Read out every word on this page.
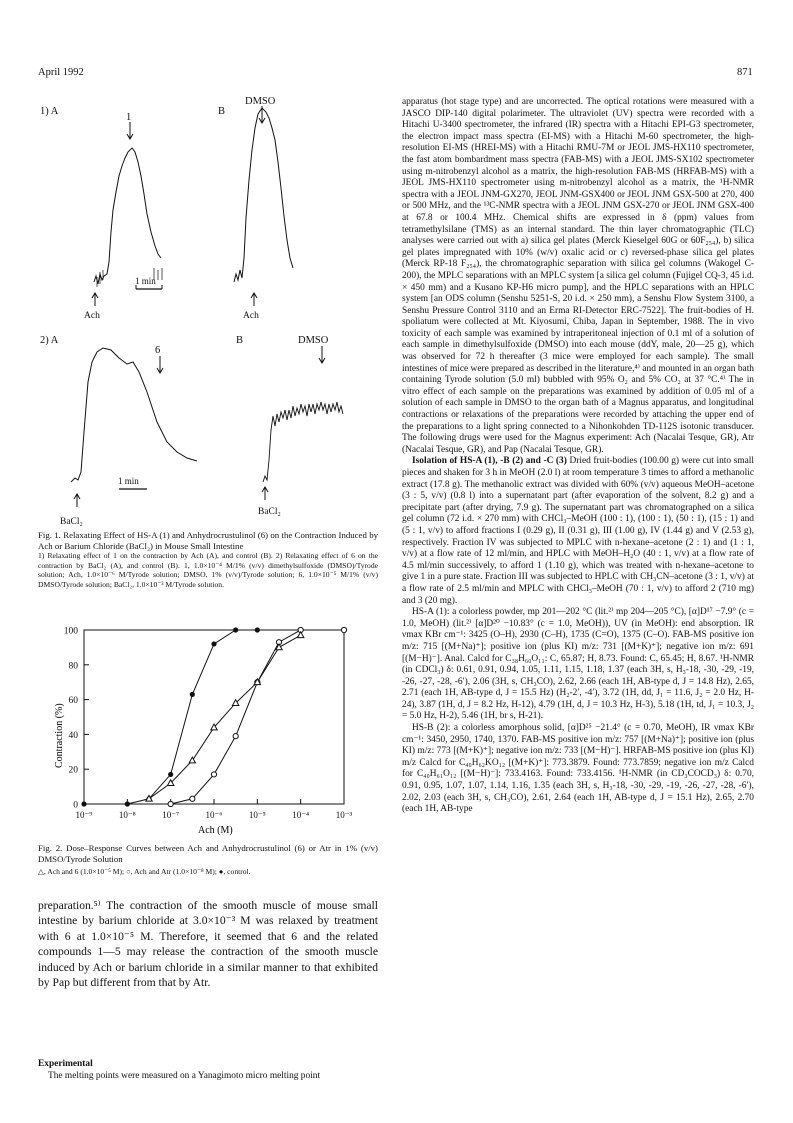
April 1992	871
1) A	B
DMSO
1
1 min
Ach	Ach
2) A	B	DMSO
6
1 min
BaCl₂
BaCl₂

Fig. 1. Relaxating Effect of HS-A (1) and Anhydrocrustulinol (6) on the Contraction Induced by Ach or Barium Chloride (BaCl₂) in Mouse Small Intestine

1) Relaxating effect of 1 on the contraction by Ach (A), and control (B). 2) Relaxating effect of 6 on the contraction by BaCl₂ (A), and control (B). 1, 1.0×10⁻⁴ M/1% (v/v) dimethylsulfoxide (DMSO)/Tyrode solution; Ach, 1.0×10⁻⁶ M/Tyrode solution; DMSO, 1% (v/v)/Tyrode solution; 6, 1.0×10⁻⁵ M/1% (v/v) DMSO/Tyrode solution; BaCl₂, 1.0×10⁻³ M/Tyrode solution.

Contraction (%)
Ach (M)
0
20
40
60
80
100
10⁻⁹	10⁻⁸	10⁻⁷	10⁻⁶	10⁻⁵	10⁻⁴	10⁻³

Fig. 2. Dose–Response Curves between Ach and Anhydrocrustulinol (6) or Atr in 1% (v/v) DMSO/Tyrode Solution

△, Ach and 6 (1.0×10⁻⁵ M); ○, Ach and Atr (1.0×10⁻⁸ M); ●, control.

preparation.⁵⁾ The contraction of the smooth muscle of mouse small intestine by barium chloride at 3.0×10⁻³ M was relaxed by treatment with 6 at 1.0×10⁻⁵ M. Therefore, it seemed that 6 and the related compounds 1—5 may release the contraction of the smooth muscle induced by Ach or barium chloride in a similar manner to that exhibited by Pap but different from that by Atr.

Experimental

The melting points were measured on a Yanagimoto micro melting point

apparatus (hot stage type) and are uncorrected. The optical rotations were measured with a JASCO DIP-140 digital polarimeter. The ultraviolet (UV) spectra were recorded with a Hitachi U-3400 spectrometer, the infrared (IR) spectra with a Hitachi EPI-G3 spectrometer, the electron impact mass spectra (EI-MS) with a Hitachi M-60 spectrometer, the high-resolution EI-MS (HREI-MS) with a Hitachi RMU-7M or JEOL JMS-HX110 spectrometer, the fast atom bombardment mass spectra (FAB-MS) with a JEOL JMS-SX102 spectrometer using m-nitrobenzyl alcohol as a matrix, the high-resolution FAB-MS (HRFAB-MS) with a JEOL JMS-HX110 spectrometer using m-nitrobenzyl alcohol as a matrix, the ¹H-NMR spectra with a JEOL JNM-GX270, JEOL JNM-GSX400 or JEOL JNM GSX-500 at 270, 400 or 500 MHz, and the ¹³C-NMR spectra with a JEOL JNM GSX-270 or JEOL JNM GSX-400 at 67.8 or 100.4 MHz. Chemical shifts are expressed in δ (ppm) values from tetramethylsilane (TMS) as an internal standard. The thin layer chromatographic (TLC) analyses were carried out with a) silica gel plates (Merck Kieselgel 60G or 60F₂₅₄), b) silica gel plates impregnated with 10% (w/v) oxalic acid or c) reversed-phase silica gel plates (Merck RP-18 F₂₅₄), the chromatographic separation with silica gel columns (Wakogel C-200), the MPLC separations with an MPLC system [a silica gel column (Fujigel CQ-3, 45 i.d. × 450 mm) and a Kusano KP-H6 micro pump], and the HPLC separations with an HPLC system [an ODS column (Senshu 5251-S, 20 i.d. × 250 mm), a Senshu Flow System 3100, a Senshu Pressure Control 3110 and an Erma RI-Detector ERC-7522]. The fruit-bodies of H. spoliatum were collected at Mt. Kiyosumi, Chiba, Japan in September, 1988. The in vivo toxicity of each sample was examined by intraperitoneal injection of 0.1 ml of a solution of each sample in dimethylsulfoxide (DMSO) into each mouse (ddY, male, 20—25 g), which was observed for 72 h thereafter (3 mice were employed for each sample). The small intestines of mice were prepared as described in the literature,⁴⁾ and mounted in an organ bath containing Tyrode solution (5.0 ml) bubbled with 95% O₂ and 5% CO₂ at 37 °C.⁴⁾ The in vitro effect of each sample on the preparations was examined by addition of 0.05 ml of a solution of each sample in DMSO to the organ bath of a Magnus apparatus, and longitudinal contractions or relaxations of the preparations were recorded by attaching the upper end of the preparations to a light spring connected to a Nihonkohden TD-112S isotonic transducer. The following drugs were used for the Magnus experiment: Ach (Nacalai Tesque, GR), Atr (Nacalai Tesque, GR), and Pap (Nacalai Tesque, GR).

Isolation of HS-A (1), -B (2) and -C (3) Dried fruit-bodies (100.00 g) were cut into small pieces and shaken for 3 h in MeOH (2.0 l) at room temperature 3 times to afford a methanolic extract (17.8 g). The methanolic extract was divided with 60% (v/v) aqueous MeOH–acetone (3 : 5, v/v) (0.8 l) into a supernatant part (after evaporation of the solvent, 8.2 g) and a precipitate part (after drying, 7.9 g). The supernatant part was chromatographed on a silica gel column (72 i.d. × 270 mm) with CHCl₃–MeOH (100 : 1), (100 : 1), (50 : 1), (15 : 1) and (5 : 1, v/v) to afford fractions I (0.29 g), II (0.31 g), III (1.00 g), IV (1.44 g) and V (2.53 g), respectively. Fraction IV was subjected to MPLC with n-hexane–acetone (2 : 1) and (1 : 1, v/v) at a flow rate of 12 ml/min, and HPLC with MeOH–H₂O (40 : 1, v/v) at a flow rate of 4.5 ml/min successively, to afford 1 (1.10 g), which was treated with n-hexane–acetone to give 1 in a pure state. Fraction III was subjected to HPLC with CH₃CN–acetone (3 : 1, v/v) at a flow rate of 2.5 ml/min and MPLC with CHCl₃–MeOH (70 : 1, v/v) to afford 2 (710 mg) and 3 (20 mg).

HS-A (1): a colorless powder, mp 201—202 °C (lit.²⁾ mp 204—205 °C), [α]D¹⁷ −7.9° (c = 1.0, MeOH) (lit.²⁾ [α]D²⁰ −10.83° (c = 1.0, MeOH)), UV (in MeOH): end absorption. IR νmax KBr cm⁻¹: 3425 (O–H), 2930 (C–H), 1735 (C=O), 1375 (C–O). FAB-MS positive ion m/z: 715 [(M+Na)⁺]; positive ion (plus KI) m/z: 731 [(M+K)⁺]; negative ion m/z: 691 [(M−H)⁻]. Anal. Calcd for C₃₈H₆₀O₁₁: C, 65.87; H, 8.73. Found: C, 65.45; H, 8.67. ¹H-NMR (in CDCl₃) δ: 0.61, 0.91, 0.94, 1.05, 1.11, 1.15, 1.18, 1.37 (each 3H, s, H₃-18, -30, -29, -19, -26, -27, -28, -6′), 2.06 (3H, s, CH₃CO), 2.62, 2.66 (each 1H, AB-type d, J = 14.8 Hz), 2.65, 2.71 (each 1H, AB-type d, J = 15.5 Hz) (H₂-2′, -4′), 3.72 (1H, dd, J₁ = 11.6, J₂ = 2.0 Hz, H-24), 3.87 (1H, d, J = 8.2 Hz, H-12), 4.79 (1H, d, J = 10.3 Hz, H-3), 5.18 (1H, td, J₁ = 10.3, J₂ = 5.0 Hz, H-2), 5.46 (1H, br s, H-21).

HS-B (2): a colorless amorphous solid, [α]D²⁵ −21.4° (c = 0.70, MeOH), IR νmax KBr cm⁻¹: 3450, 2950, 1740, 1370. FAB-MS positive ion m/z: 757 [(M+Na)⁺]; positive ion (plus KI) m/z: 773 [(M+K)⁺]; negative ion m/z: 733 [(M−H)⁻]. HRFAB-MS positive ion (plus KI) m/z Calcd for C₄₀H₆₂KO₁₂ [(M+K)⁺]: 773.3879. Found: 773.7859; negative ion m/z Calcd for C₄₀H₆₁O₁₂ [(M−H)⁻]: 733.4163. Found: 733.4156. ¹H-NMR (in CD₃COCD₃) δ: 0.70, 0.91, 0.95, 1.07, 1.07, 1.14, 1.16, 1.35 (each 3H, s, H₃-18, -30, -29, -19, -26, -27, -28, -6′), 2.02, 2.03 (each 3H, s, CH₃CO), 2.61, 2.64 (each 1H, AB-type d, J = 15.1 Hz), 2.65, 2.70 (each 1H, AB-type
